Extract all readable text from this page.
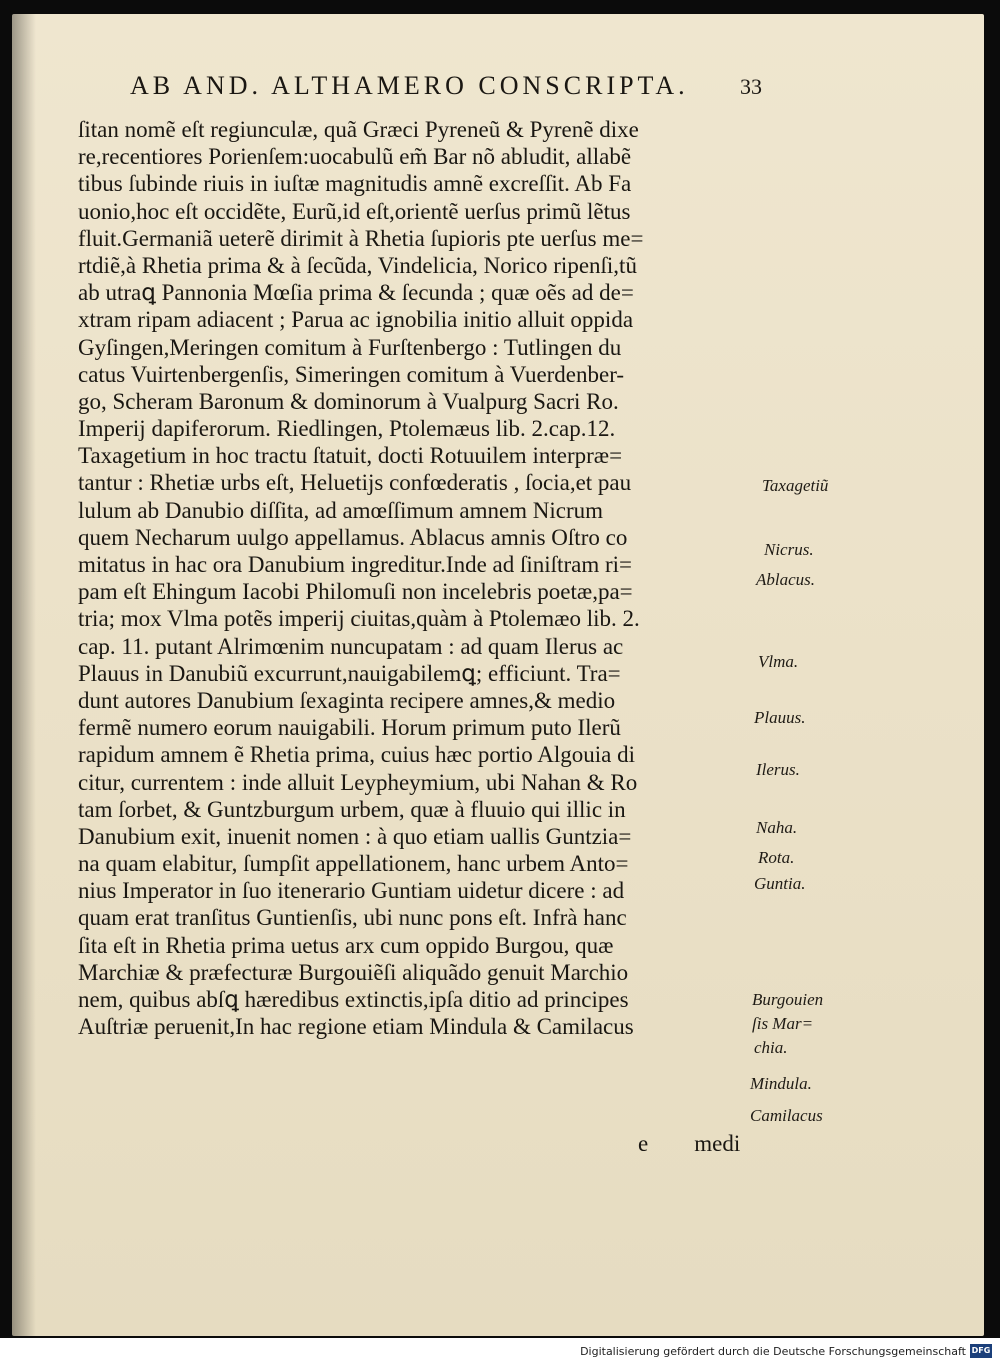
AB AND. ALTHAMERO CONSCRIPTA. 33
ſitan nomẽ eſt regiunculæ, quã Græci Pyreneũ & Pyrenẽ dixe
re,recentiores Porienſem:uocabulũ em̃ Bar nõ abludit, allabẽ
tibus ſubinde riuis in iuſtæ magnitudis amnẽ excreſſit. Ab Fa
uonio,hoc eſt occidẽte, Eurũ,id eſt,orientẽ uerſus primũ lẽtus
fluit.Germaniã ueterẽ dirimit à Rhetia ſupioris pte uerſus me=
rtdiẽ,à Rhetia prima & à ſecũda, Vindelicia, Norico ripenſi,tũ
ab utraꝗ Pannonia Mœſia prima & ſecunda ; quæ oẽs ad de=
xtram ripam adiacent ; Parua ac ignobilia initio alluit oppida
Gyſingen,Meringen comitum à Furſtenbergo : Tutlingen du
catus Vuirtenbergenſis, Simeringen comitum à Vuerdenber-
go, Scheram Baronum & dominorum à Vualpurg Sacri Ro.
Imperij dapiferorum. Riedlingen, Ptolemæus lib. 2.cap.12.
Taxagetium in hoc tractu ſtatuit, docti Rotuuilem interpræ=
tantur : Rhetiæ urbs eſt, Heluetijs confœderatis , ſocia,et pau
lulum ab Danubio diſſita, ad amœſſimum amnem Nicrum
quem Necharum uulgo appellamus. Ablacus amnis Oſtro co
mitatus in hac ora Danubium ingreditur.Inde ad ſiniſtram ri=
pam eſt Ehingum Iacobi Philomuſi non incelebris poetæ,pa=
tria; mox Vlma potẽs imperij ciuitas,quàm à Ptolemæo lib. 2.
cap. 11. putant Alrimœnim nuncupatam : ad quam Ilerus ac
Plauus in Danubiũ excurrunt,nauigabilemꝗ; efficiunt. Tra=
dunt autores Danubium ſexaginta recipere amnes,& medio
fermẽ numero eorum nauigabili. Horum primum puto Ilerũ
rapidum amnem ẽ Rhetia prima, cuius hæc portio Algouia di
citur, currentem : inde alluit Leypheymium, ubi Nahan & Ro
tam ſorbet, & Guntzburgum urbem, quæ à fluuio qui illic in
Danubium exit, inuenit nomen : à quo etiam uallis Guntzia=
na quam elabitur, ſumpſit appellationem, hanc urbem Anto=
nius Imperator in ſuo itenerario Guntiam uidetur dicere : ad
quam erat tranſitus Guntienſis, ubi nunc pons eſt. Infrà hanc
ſita eſt in Rhetia prima uetus arx cum oppido Burgou, quæ
Marchiæ & præfecturæ Burgouiẽſi aliquãdo genuit Marchio
nem, quibus abſꝗ hæredibus extinctis,ipſa ditio ad principes
Auſtriæ peruenit,In hac regione etiam Mindula & Camilacus
Taxagetiũ
Nicrus.
Ablacus.
Vlma.
Plauus.
Ilerus.
Naha.
Rota.
Guntia.
Burgouien
ſis Mar=
chia.
Mindula.
Camilacus
e medi
Digitalisierung gefördert durch die Deutsche Forschungsgemeinschaft DFG
